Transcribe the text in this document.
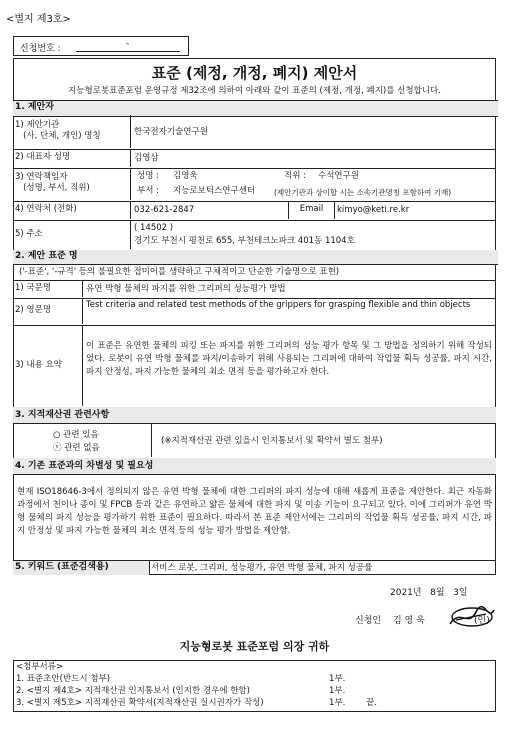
<별지 제3호>
신청번호 :	-
표준 (제정, 개정, 폐지) 제안서
지능형로봇표준포럼 운영규정 제32조에 의하여 아래와 같이 표준의 (제정, 개정, 폐지)를 신청합니다.
1. 제안자
1) 제안기관
(사, 단체, 개인) 명칭	한국전자기술연구원
2) 대표자 성명	김영삼
3) 연락책임자
(성명, 부서, 직위)
성명 : 김영욱	직위 : 수석연구원
부서 : 지능로보틱스연구센터	(제안기관과 상이할 시는 소속기관명칭 포함하여 기재)
4) 연락처 (전화)	032-621-2847	Email	kimyo@keti.re.kr
5) 주소
( 14502 )
경기도 부천시 평천로 655, 부천테크노파크 401동 1104호
2. 제안 표준 명
('-표준', '-규격' 등의 불필요한 접미어를 생략하고 구체적이고 단순한 기술명으로 표현)
1) 국문명	유연 박형 물체의 파지를 위한 그리퍼의 성능평가 방법
2) 영문명	Test criteria and related test methods of the grippers for grasping flexible and thin objects
3) 내용 요약
이 표준은 유연한 물체의 피킹 또는 파지를 위한 그리퍼의 성능 평가 항목 및 그 방법을 정의하기 위해 작성되었다. 로봇이 유연 박형 물체를 파지/이송하기 위해 사용되는 그리퍼에 대하여 작업물 획득 성공률, 파지 시간, 파지 안정성, 파지 가능한 물체의 최소 면적 등을 평가하고자 한다.
3. 지적재산권 관련사항
○ 관련 있음
ⓥ 관련 없음
(※지적재산권 관련 있을시 인지통보서 및 확약서 별도 첨부)
4. 기존 표준과의 차별성 및 필요성
현재 ISO18646-3에서 정의되지 않은 유연 박형 물체에 대한 그리퍼의 파지 성능에 대해 새롭게 표준을 제안한다. 최근 자동화 과정에서 천이나 종이 및 FPCB 등과 같은 유연하고 얇은 물체에 대한 파지 및 이송 기능이 요구되고 있다. 이에 그리퍼가 유연 박형 물체의 파지 성능을 평가하기 위한 표준이 필요하다. 따라서 본 표준 제안서에는 그리퍼의 작업물 획득 성공률, 파지 시간, 파지 안정성 및 파지 가능한 물체의 최소 면적 등의 성능 평가 방법을 제안함.
5. 키워드 (표준검색용)	서비스 로봇, 그리퍼, 성능평가, 유연 박형 물체, 파지 성공률
2021년   8월   3일
신청인 김 영 욱	(인)
지능형로봇 표준포럼 의장 귀하
<첨부서류>
1. 표준초안(반드시 첨부)	1부.
2. <별지 제4호> 지적재산권 인지통보서 (인지한 경우에 한함)	1부.
3. <별지 제5호> 지적재산권 확약서(지적재산권 실시권자가 작성)	1부. 끝.
